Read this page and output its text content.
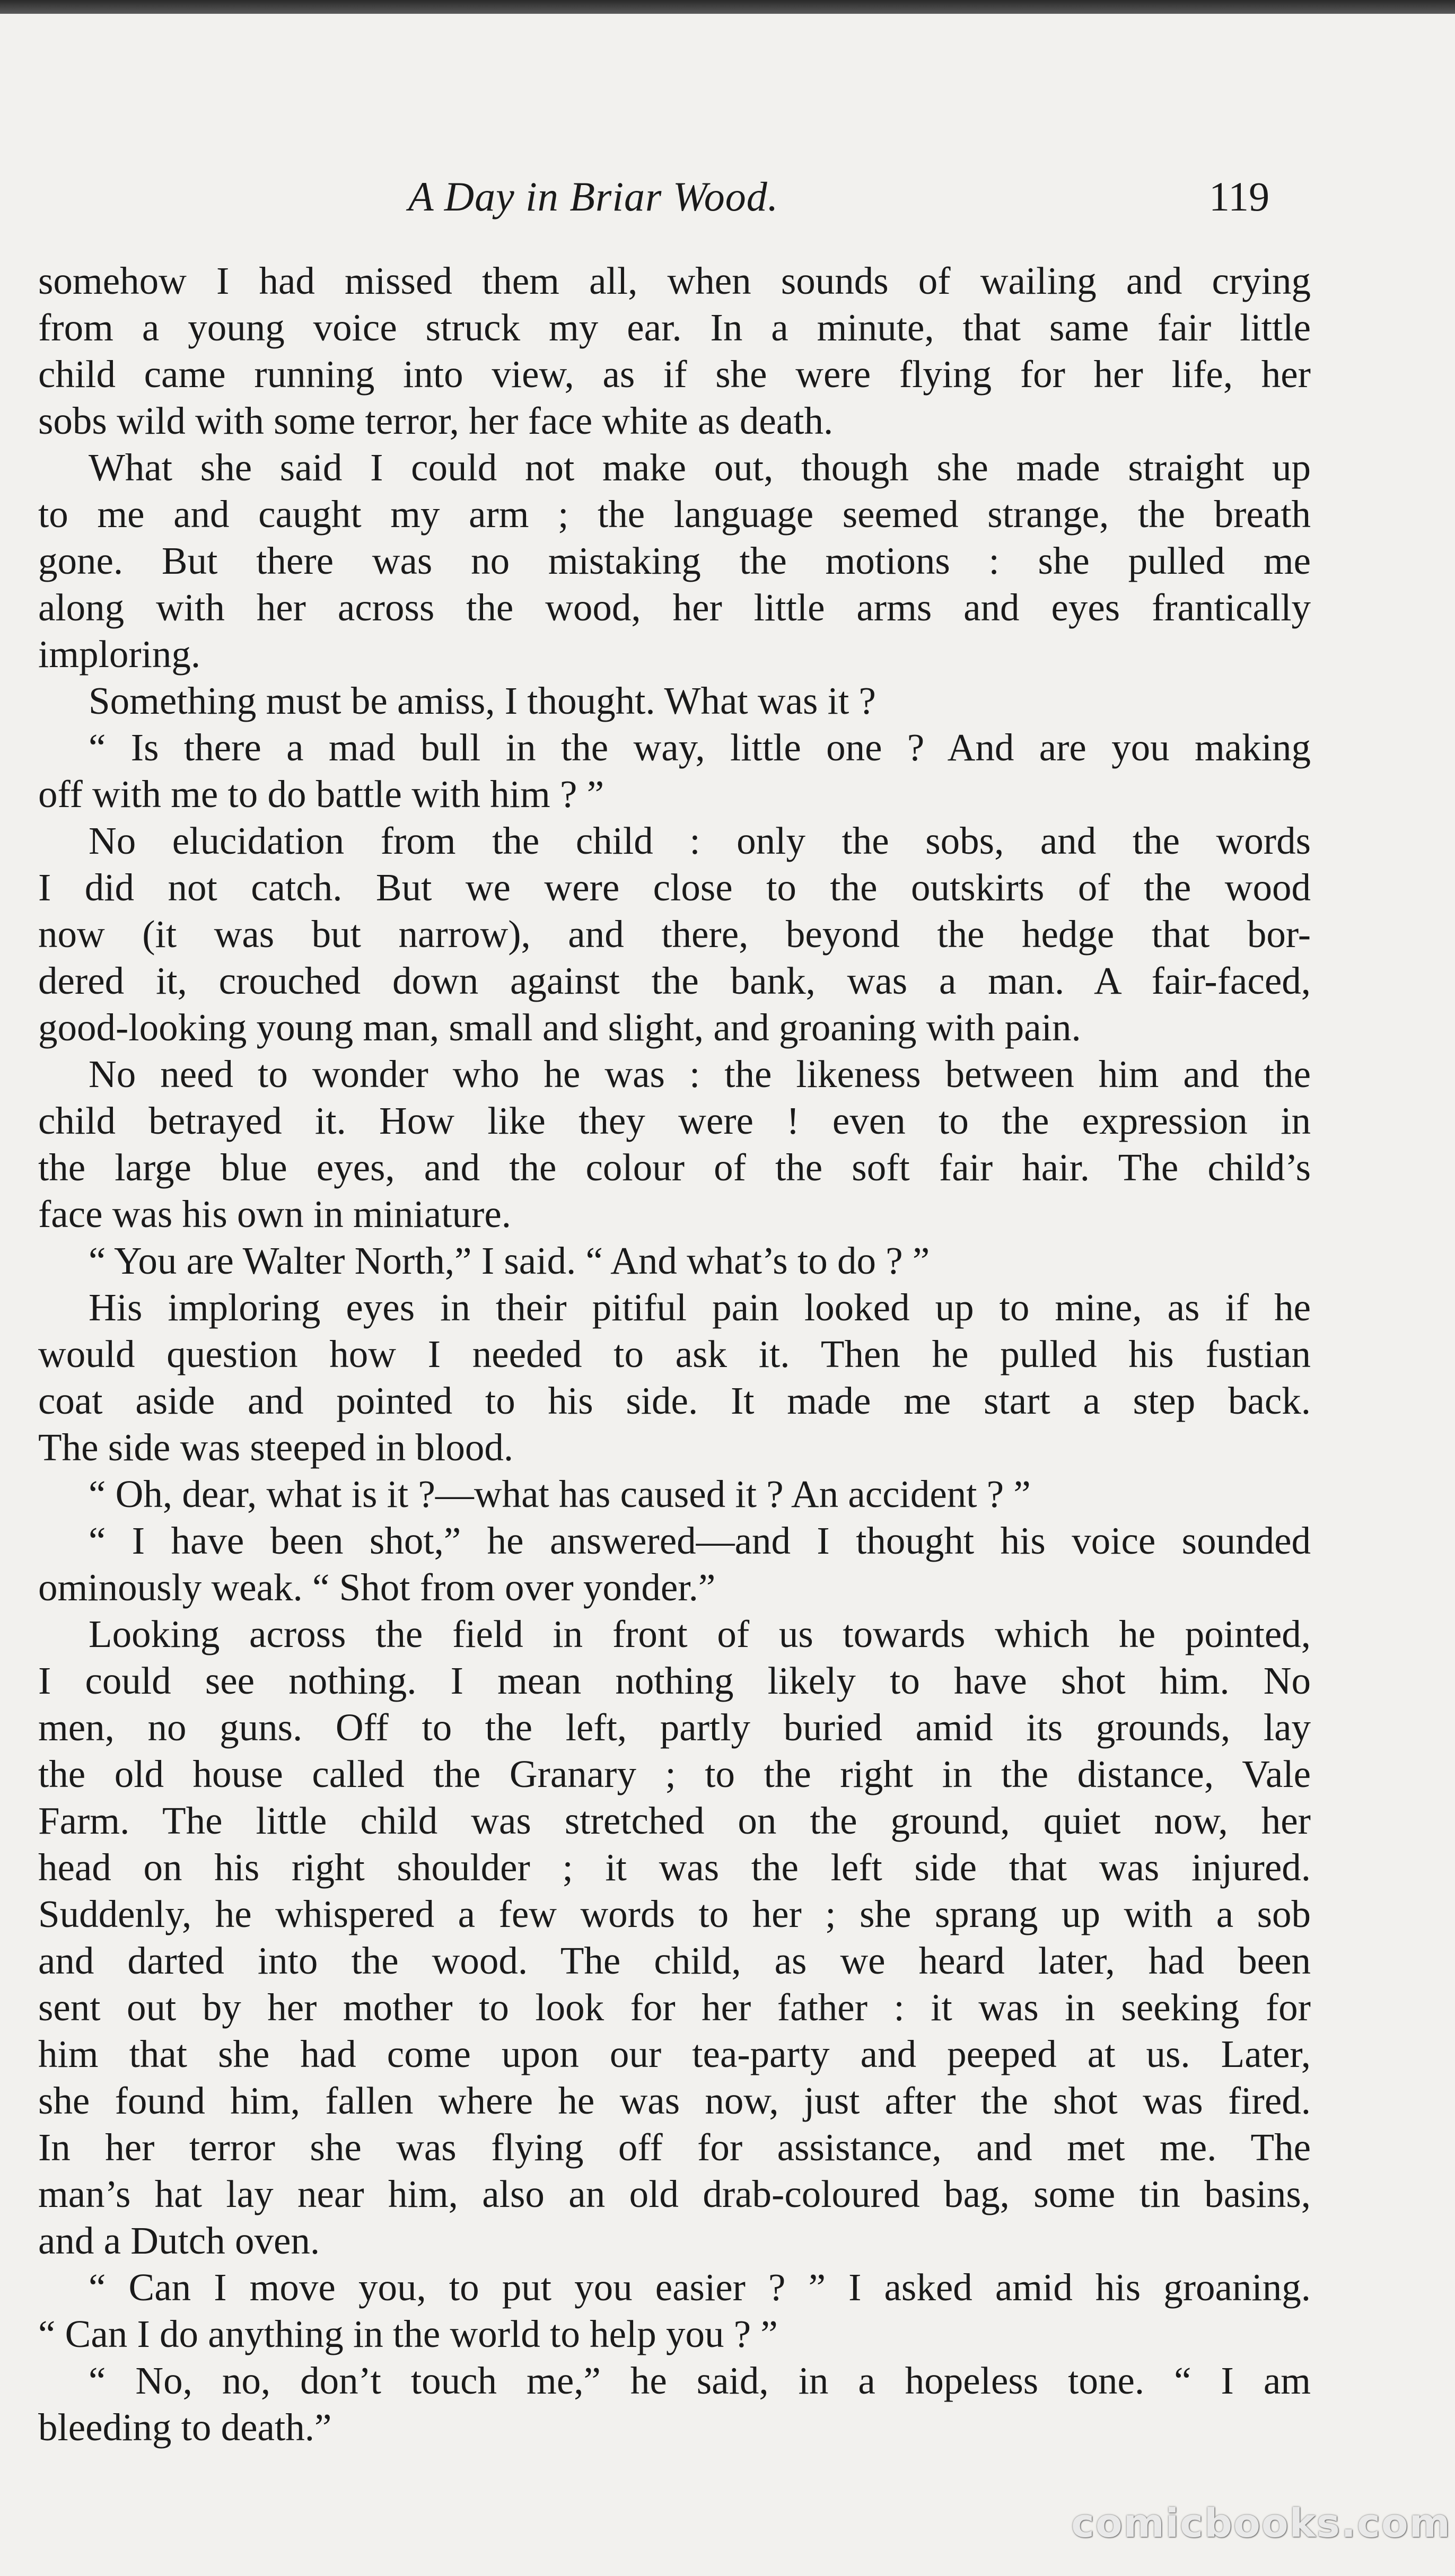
A Day in Briar Wood.	119
somehow I had missed them all, when sounds of wailing and crying
from a young voice struck my ear. In a minute, that same fair little
child came running into view, as if she were flying for her life, her
sobs wild with some terror, her face white as death.
What she said I could not make out, though she made straight up
to me and caught my arm ; the language seemed strange, the breath
gone. But there was no mistaking the motions : she pulled me
along with her across the wood, her little arms and eyes frantically
imploring.
Something must be amiss, I thought. What was it ?
“ Is there a mad bull in the way, little one ? And are you making
off with me to do battle with him ? ”
No elucidation from the child : only the sobs, and the words
I did not catch. But we were close to the outskirts of the wood
now (it was but narrow), and there, beyond the hedge that bor-
dered it, crouched down against the bank, was a man. A fair-faced,
good-looking young man, small and slight, and groaning with pain.
No need to wonder who he was : the likeness between him and the
child betrayed it. How like they were ! even to the expression in
the large blue eyes, and the colour of the soft fair hair. The child’s
face was his own in miniature.
“ You are Walter North,” I said. “ And what’s to do ? ”
His imploring eyes in their pitiful pain looked up to mine, as if he
would question how I needed to ask it. Then he pulled his fustian
coat aside and pointed to his side. It made me start a step back.
The side was steeped in blood.
“ Oh, dear, what is it ?—what has caused it ? An accident ? ”
“ I have been shot,” he answered—and I thought his voice sounded
ominously weak. “ Shot from over yonder.”
Looking across the field in front of us towards which he pointed,
I could see nothing. I mean nothing likely to have shot him. No
men, no guns. Off to the left, partly buried amid its grounds, lay
the old house called the Granary ; to the right in the distance, Vale
Farm. The little child was stretched on the ground, quiet now, her
head on his right shoulder ; it was the left side that was injured.
Suddenly, he whispered a few words to her ; she sprang up with a sob
and darted into the wood. The child, as we heard later, had been
sent out by her mother to look for her father : it was in seeking for
him that she had come upon our tea-party and peeped at us. Later,
she found him, fallen where he was now, just after the shot was fired.
In her terror she was flying off for assistance, and met me. The
man’s hat lay near him, also an old drab-coloured bag, some tin basins,
and a Dutch oven.
“ Can I move you, to put you easier ? ” I asked amid his groaning.
“ Can I do anything in the world to help you ? ”
“ No, no, don’t touch me,” he said, in a hopeless tone. “ I am
bleeding to death.”
comicbooks.com
